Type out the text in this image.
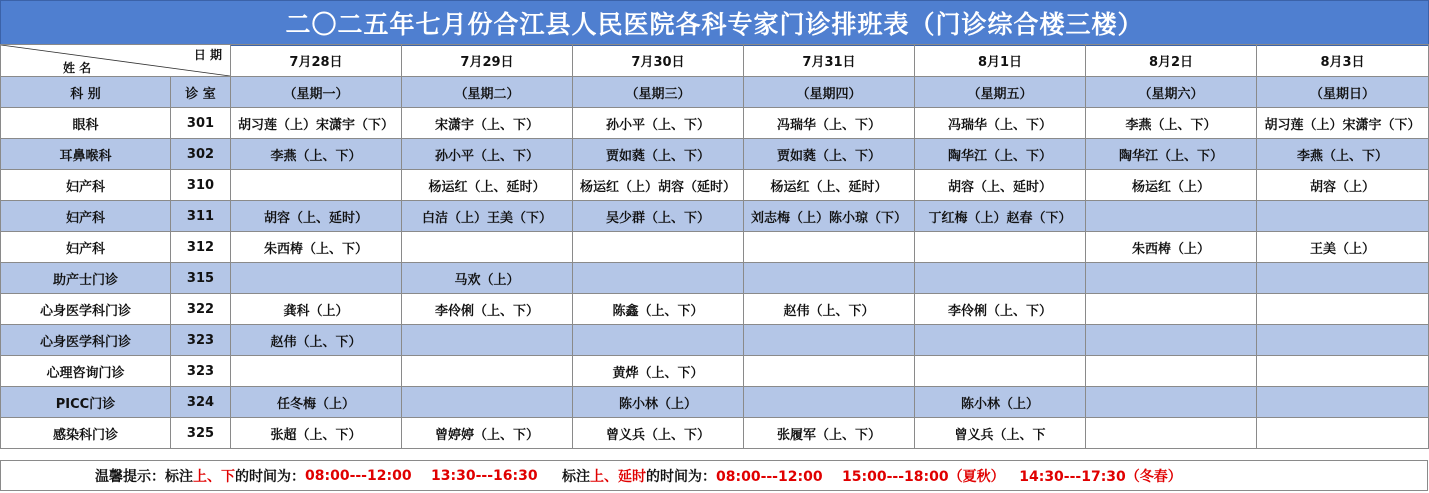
二〇二五年七月份合江县人民医院各科专家门诊排班表（门诊综合楼三楼）
日 期
姓 名		7月28日	7月29日	7月30日	7月31日	8月1日	8月2日	8月3日
科 别	诊 室	（星期一）	（星期二）	（星期三）	（星期四）	（星期五）	（星期六）	（星期日）
眼科	301	胡习莲（上）宋潇宇（下）	宋潇宇（上、下）	孙小平（上、下）	冯瑞华（上、下）	冯瑞华（上、下）	李燕（上、下）	胡习莲（上）宋潇宇（下）
耳鼻喉科	302	李燕（上、下）	孙小平（上、下）	贾如蕤（上、下）	贾如蕤（上、下）	陶华江（上、下）	陶华江（上、下）	李燕（上、下）
妇产科	310		杨运红（上、延时）	杨运红（上）胡容（延时）	杨运红（上、延时）	胡容（上、延时）	杨运红（上）	胡容（上）
妇产科	311	胡容（上、延时）	白洁（上）王美（下）	吴少群（上、下）	刘志梅（上）陈小琼（下）	丁红梅（上）赵春（下）		
妇产科	312	朱西梼（上、下）					朱西梼（上）	王美（上）
助产士门诊	315		马欢（上）					
心身医学科门诊	322	龚科（上）	李伶俐（上、下）	陈鑫（上、下）	赵伟（上、下）	李伶俐（上、下）		
心身医学科门诊	323	赵伟（上、下）						
心理咨询门诊	323			黄烨（上、下）				
PICC门诊	324	任冬梅（上）		陈小林（上）		陈小林（上）		
感染科门诊	325	张超（上、下）	曾婷婷（上、下）	曾义兵（上、下）	张履军（上、下）	曾义兵（上、下		
温馨提示：标注 上、下 的时间为： 08:00---12:00    13:30---16:30 标注 上、延时 的时间为： 08:00---12:00    15:00---18:00（夏秋）   14:30---17:30（冬春）
